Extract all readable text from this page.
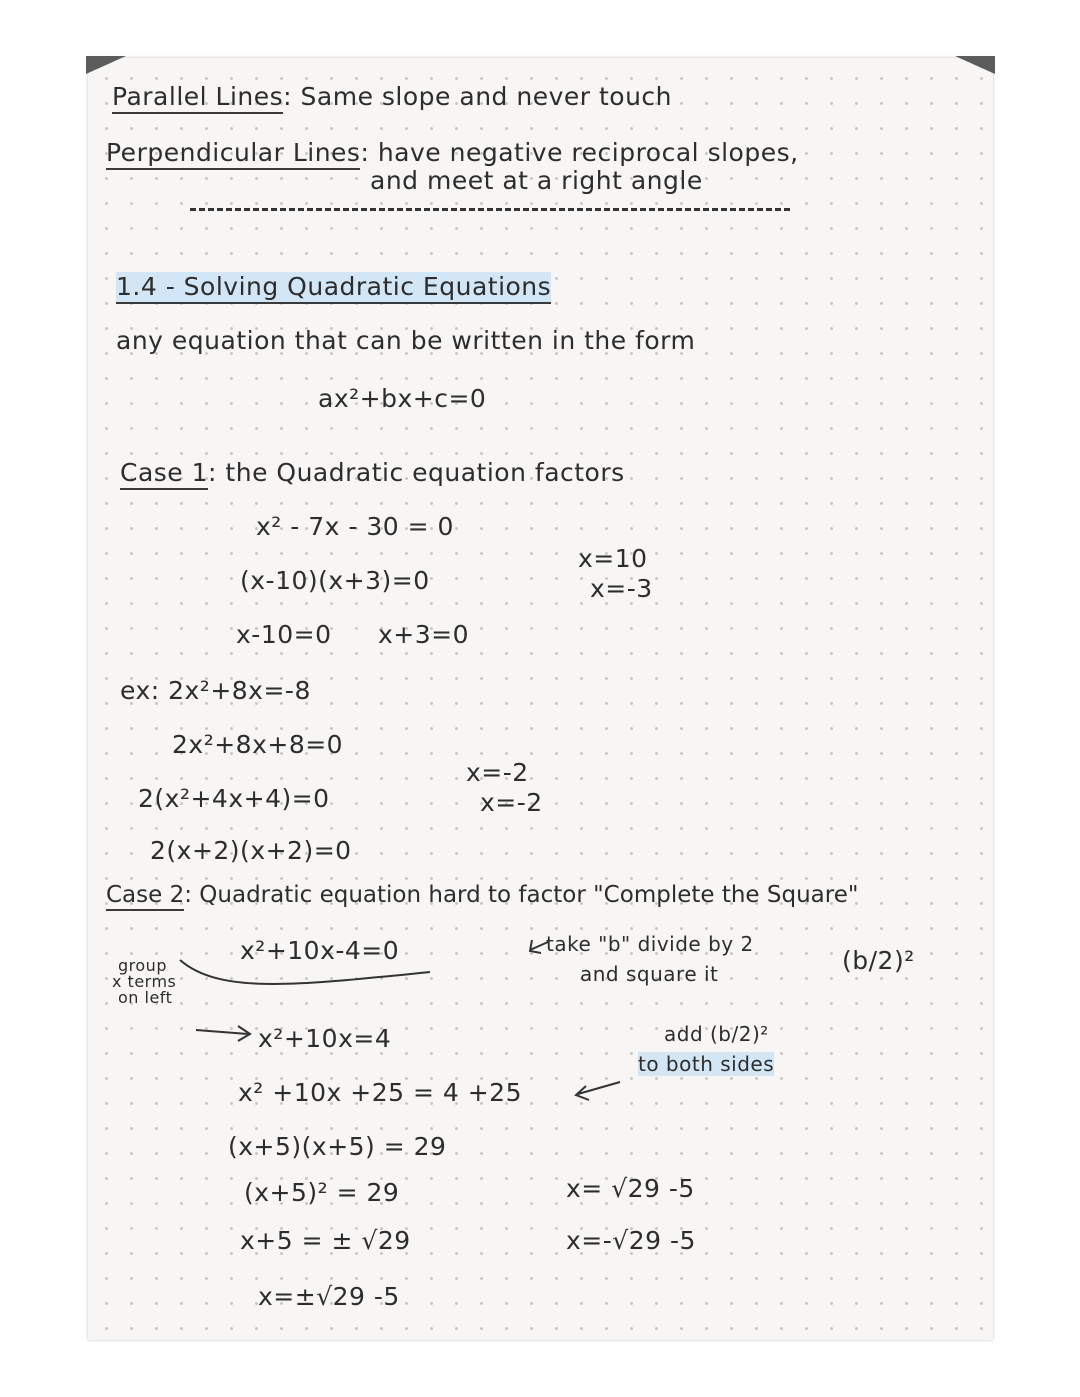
Parallel Lines: Same slope and never touch
Perpendicular Lines: have negative reciprocal slopes,
and meet at a right angle
1.4 - Solving Quadratic Equations
any equation that can be written in the form
ax²+bx+c=0
Case 1: the Quadratic equation factors
x² - 7x - 30 = 0
(x-10)(x+3)=0
x-10=0 x+3=0
x=10
x=-3
ex: 2x²+8x=-8
2x²+8x+8=0
2(x²+4x+4)=0
2(x+2)(x+2)=0
x=-2
x=-2
Case 2: Quadratic equation hard to factor "Complete the Square"
x²+10x-4=0	take "b" divide by 2
and square it	(b/2)²
group
x terms
on left
x²+10x=4	add (b/2)²
to both sides
x² +10x +25 = 4 +25
(x+5)(x+5) = 29
(x+5)² = 29
x+5 = ± √29
x=±√29 -5
x= √29 -5
x=-√29 -5
